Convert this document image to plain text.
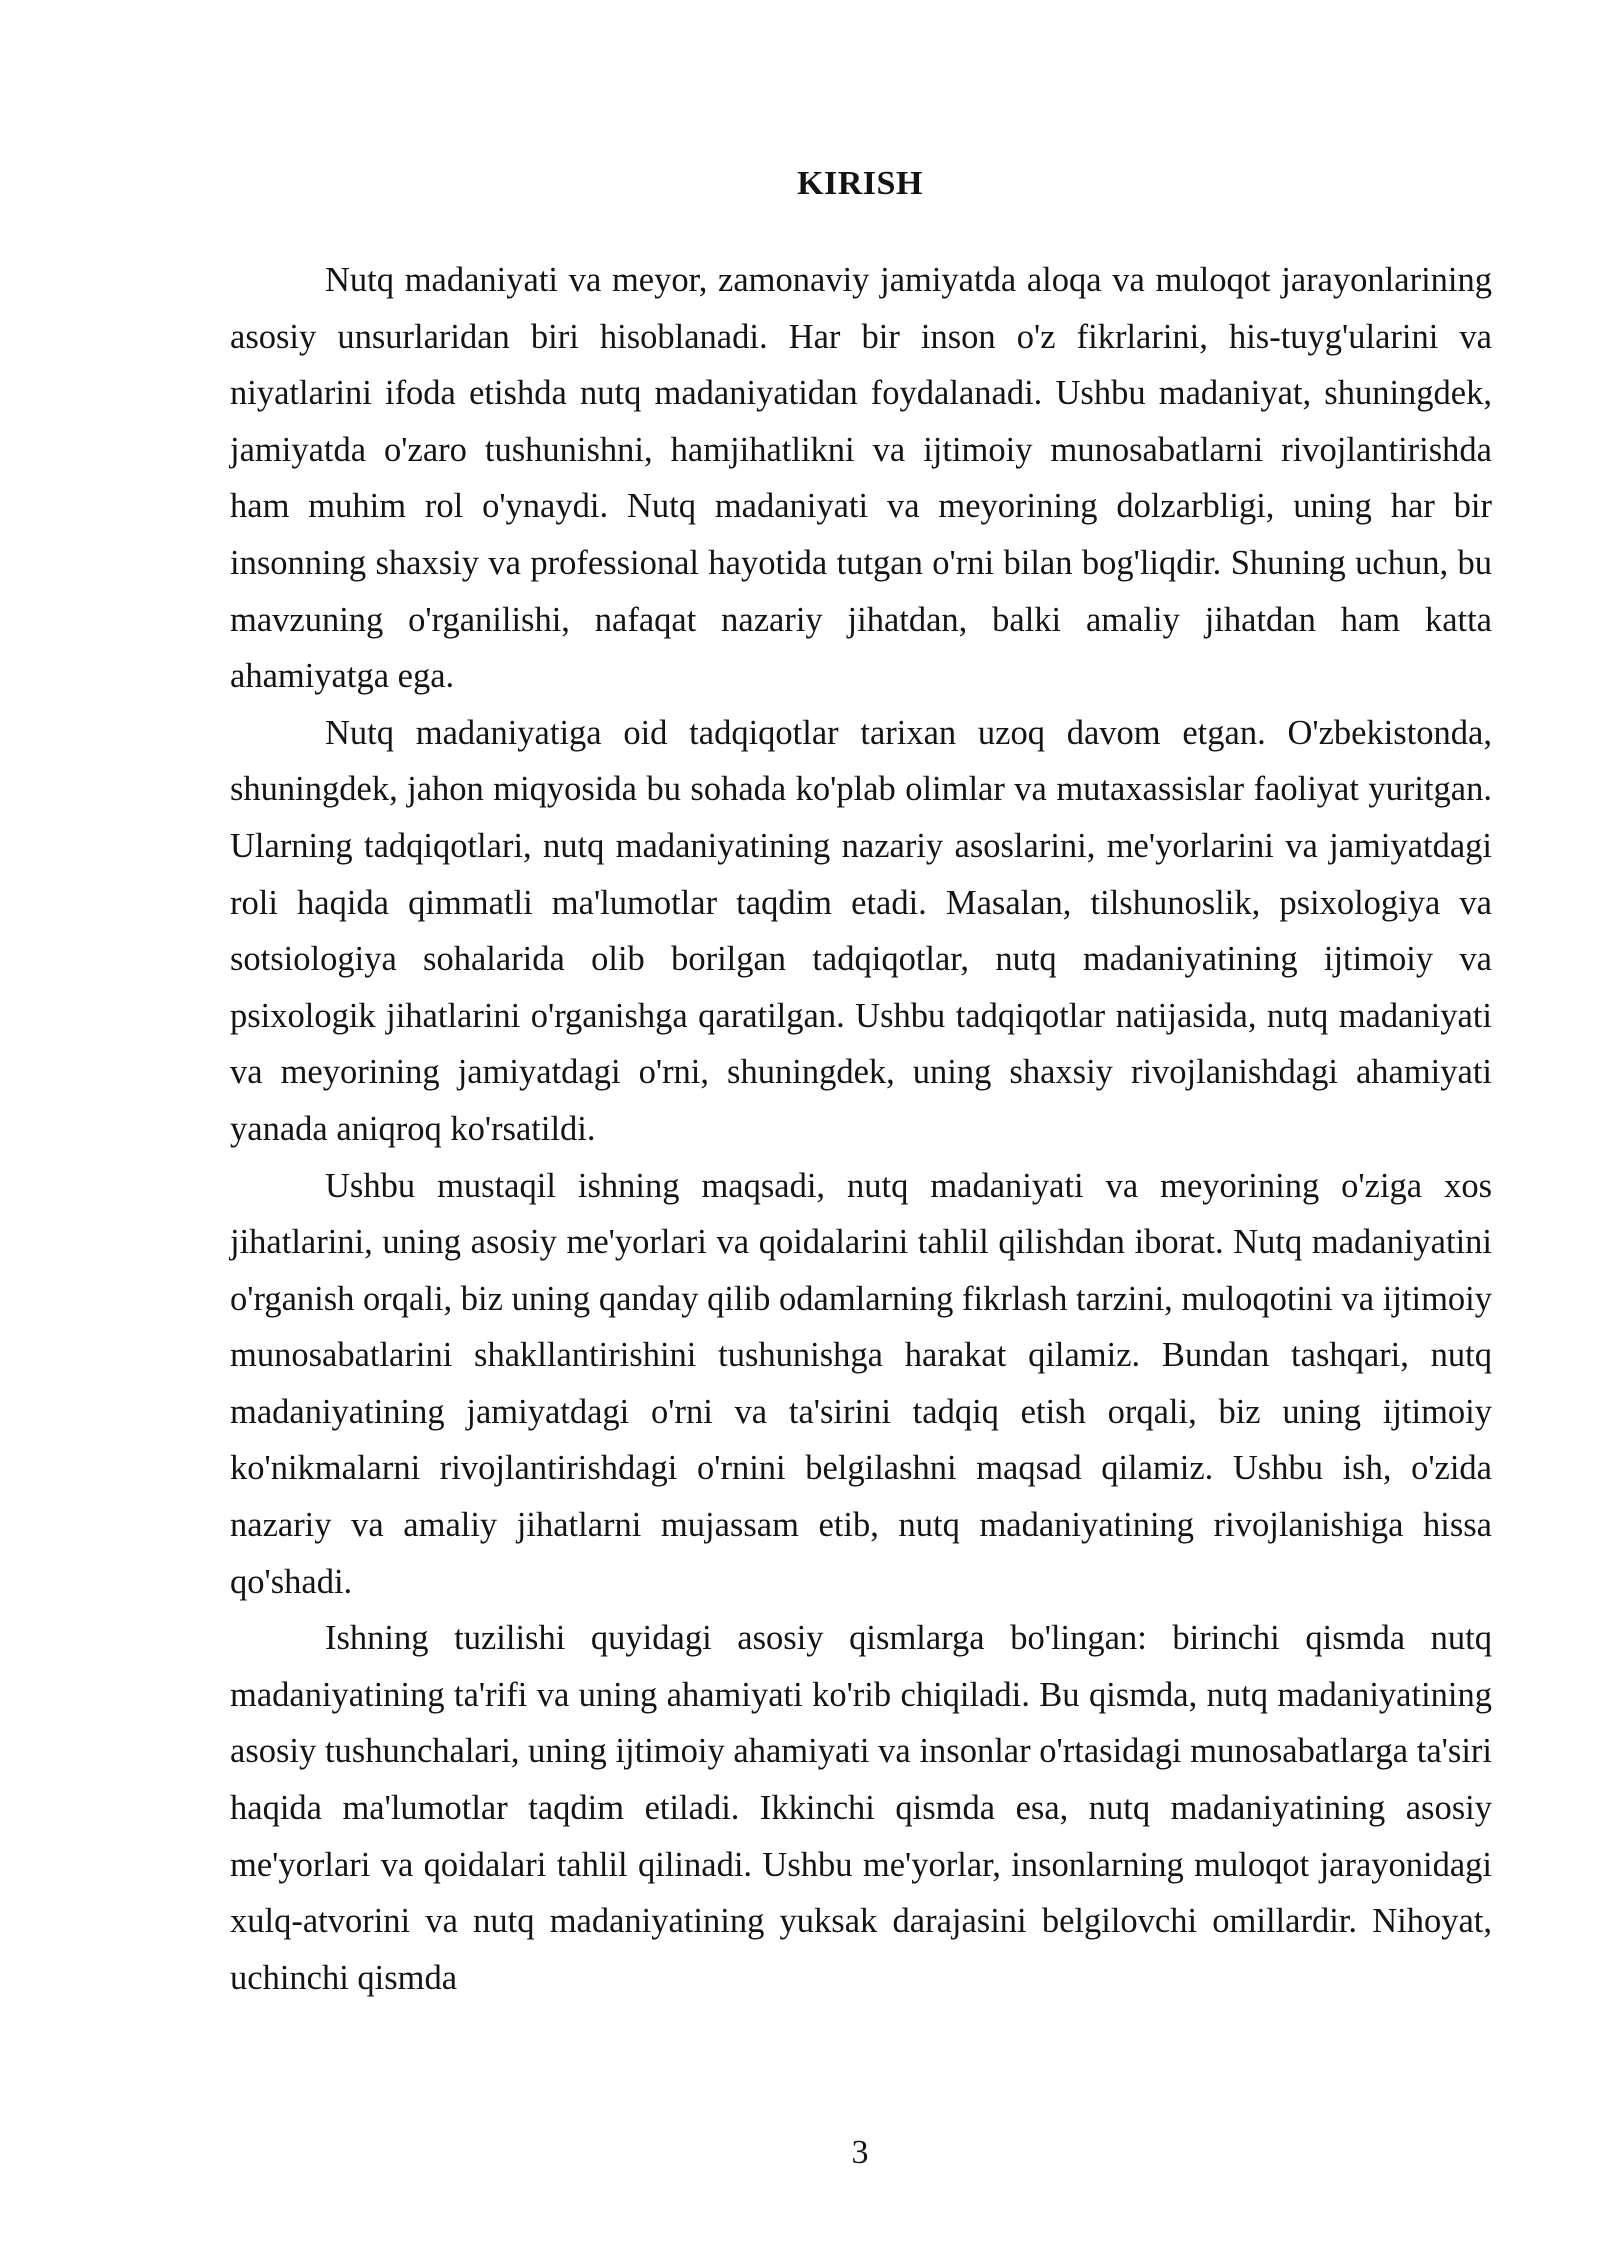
KIRISH

Nutq madaniyati va meyor, zamonaviy jamiyatda aloqa va muloqot jarayonlarining asosiy unsurlaridan biri hisoblanadi. Har bir inson o'z fikrlarini, his-tuyg'ularini va niyatlarini ifoda etishda nutq madaniyatidan foydalanadi. Ushbu madaniyat, shuningdek, jamiyatda o'zaro tushunishni, hamjihatlikni va ijtimoiy munosabatlarni rivojlantirishda ham muhim rol o'ynaydi. Nutq madaniyati va meyorining dolzarbligi, uning har bir insonning shaxsiy va professional hayotida tutgan o'rni bilan bog'liqdir. Shuning uchun, bu mavzuning o'rganilishi, nafaqat nazariy jihatdan, balki amaliy jihatdan ham katta ahamiyatga ega.

Nutq madaniyatiga oid tadqiqotlar tarixan uzoq davom etgan. O'zbekistonda, shuningdek, jahon miqyosida bu sohada ko'plab olimlar va mutaxassislar faoliyat yuritgan. Ularning tadqiqotlari, nutq madaniyatining nazariy asoslarini, me'yorlarini va jamiyatdagi roli haqida qimmatli ma'lumotlar taqdim etadi. Masalan, tilshunoslik, psixologiya va sotsiologiya sohalarida olib borilgan tadqiqotlar, nutq madaniyatining ijtimoiy va psixologik jihatlarini o'rganishga qaratilgan. Ushbu tadqiqotlar natijasida, nutq madaniyati va meyorining jamiyatdagi o'rni, shuningdek, uning shaxsiy rivojlanishdagi ahamiyati yanada aniqroq ko'rsatildi.

Ushbu mustaqil ishning maqsadi, nutq madaniyati va meyorining o'ziga xos jihatlarini, uning asosiy me'yorlari va qoidalarini tahlil qilishdan iborat. Nutq madaniyatini o'rganish orqali, biz uning qanday qilib odamlarning fikrlash tarzini, muloqotini va ijtimoiy munosabatlarini shakllantirishini tushunishga harakat qilamiz. Bundan tashqari, nutq madaniyatining jamiyatdagi o'rni va ta'sirini tadqiq etish orqali, biz uning ijtimoiy ko'nikmalarni rivojlantirishdagi o'rnini belgilashni maqsad qilamiz. Ushbu ish, o'zida nazariy va amaliy jihatlarni mujassam etib, nutq madaniyatining rivojlanishiga hissa qo'shadi.

Ishning tuzilishi quyidagi asosiy qismlarga bo'lingan: birinchi qismda nutq madaniyatining ta'rifi va uning ahamiyati ko'rib chiqiladi. Bu qismda, nutq madaniyatining asosiy tushunchalari, uning ijtimoiy ahamiyati va insonlar o'rtasidagi munosabatlarga ta'siri haqida ma'lumotlar taqdim etiladi. Ikkinchi qismda esa, nutq madaniyatining asosiy me'yorlari va qoidalari tahlil qilinadi. Ushbu me'yorlar, insonlarning muloqot jarayonidagi xulq-atvorini va nutq madaniyatining yuksak darajasini belgilovchi omillardir. Nihoyat, uchinchi qismda

3
